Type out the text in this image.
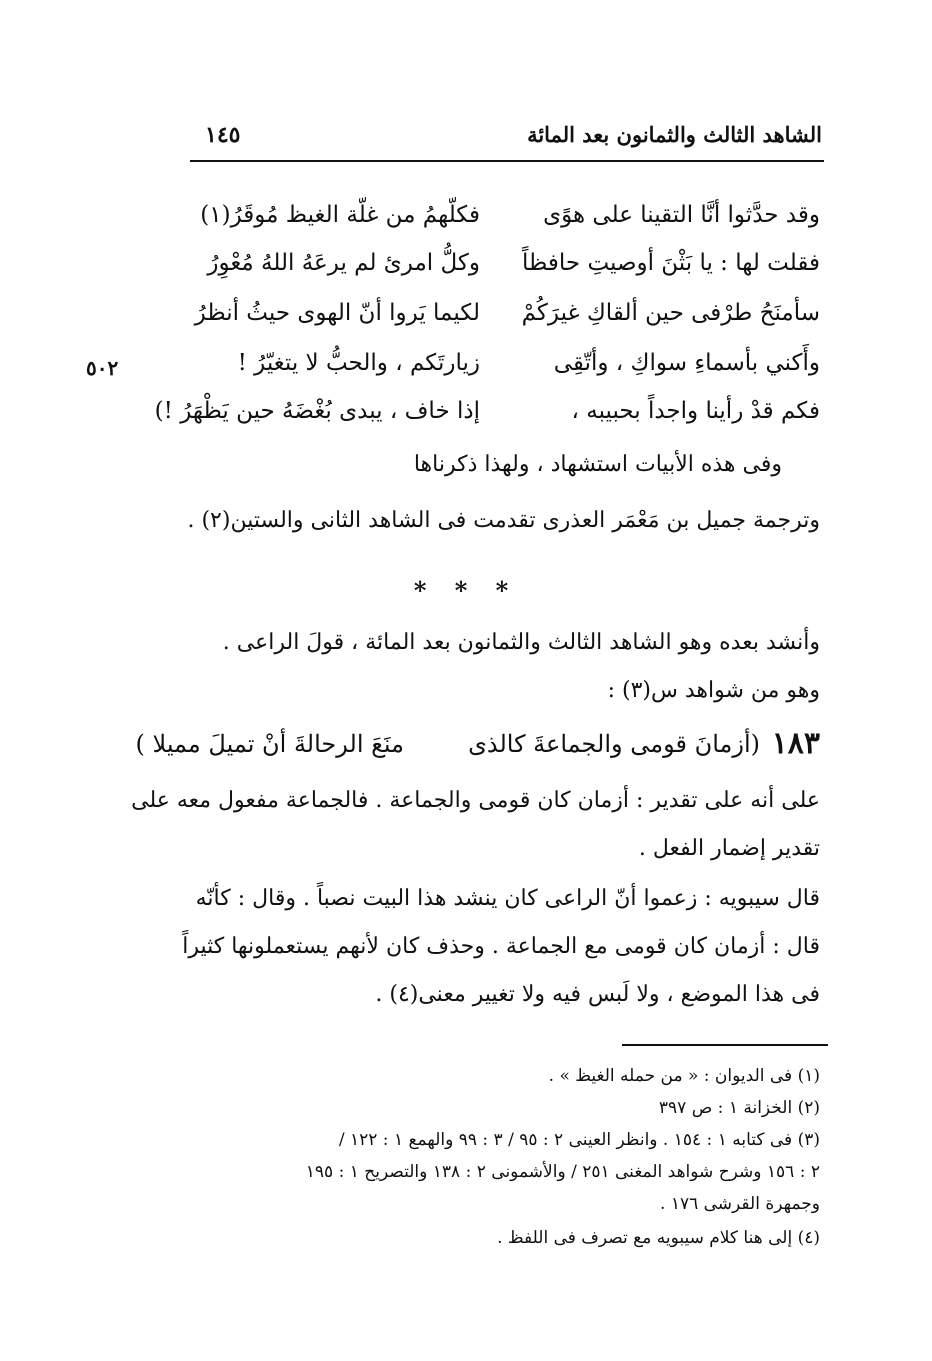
الشاهد الثالث والثمانون بعد المائة
١٤٥
٥٠٢
وقد حدَّثوا أنَّا التقينا على هوًى
فكلّهمُ من غلّة الغيظ مُوقَرُ(١)
فقلت لها : يا بَثْنَ أوصيتِ حافظاً
وكلُّ امرئ لم يرعَهُ اللهُ مُعْوِرُ
سأمنَحُ طرْفى حين ألقاكِ غيرَكُمْ
لكيما يَروا أنّ الهوى حيثُ أنظرُ
وأَكني بأسماءِ سواكِ ، وأتّقِى
زيارتَكم ، والحبُّ لا يتغيّرُ !
فكم قدْ رأينا واجداً بحبيبه ،
إذا خاف ، يبدى بُغْضَهُ حين يَظْهَرُ !)
وفى هذه الأبيات استشهاد ، ولهذا ذكرناها
وترجمة جميل بن مَعْمَر العذرى تقدمت فى الشاهد الثانى والستين(٢) .
* * *
وأنشد بعده وهو الشاهد الثالث والثمانون بعد المائة ، قولَ الراعى .
وهو من شواهد س(٣) :
١٨٣
(أزمانَ قومى والجماعةَ كالذى
منَعَ الرحالةَ أنْ تميلَ مميلا )
على أنه على تقدير : أزمان كان قومى والجماعة . فالجماعة مفعول معه على
تقدير إضمار الفعل .
قال سيبويه : زعموا أنّ الراعى كان ينشد هذا البيت نصباً . وقال : كأنّه
قال : أزمان كان قومى مع الجماعة . وحذف كان لأنهم يستعملونها كثيراً
فى هذا الموضع ، ولا لَبس فيه ولا تغيير معنى(٤) .
(١) فى الديوان : « من حمله الغيظ » .
(٢) الخزانة ١ : ص ٣٩٧
(٣) فى كتابه ١ : ١٥٤ . وانظر العينى ٢ : ٩٥ / ٣ : ٩٩ والهمع ١ : ١٢٢ /
٢ : ١٥٦ وشرح شواهد المغنى ٢٥١ / والأشمونى ٢ : ١٣٨ والتصريح ١ : ١٩٥
وجمهرة القرشى ١٧٦ .
(٤) إلى هنا كلام سيبويه مع تصرف فى اللفظ .
